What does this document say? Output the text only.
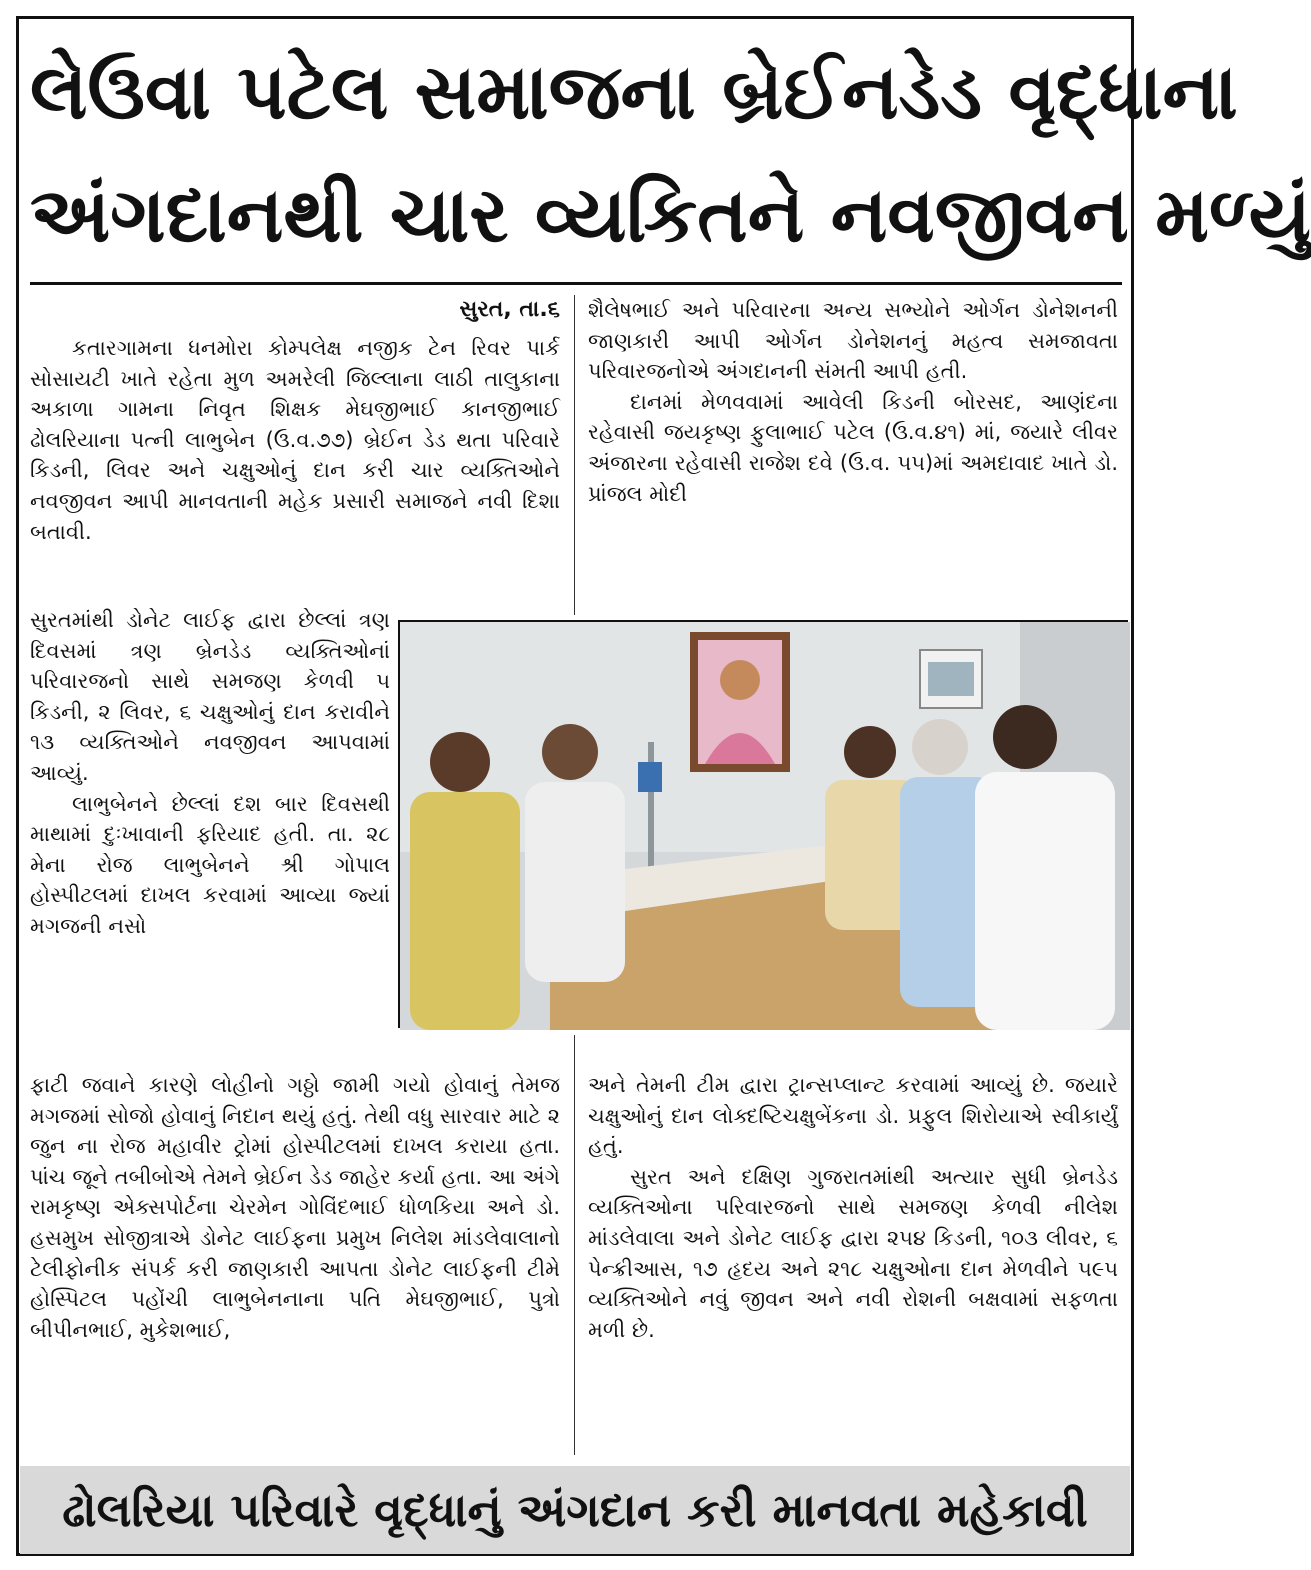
લેઉવા પટેલ સમાજના બ્રેઈનડેડ વૃદ્ધાના
અંગદાનથી ચાર વ્યકિતને નવજીવન મળ્યું
સુરત, તા.૬

કતારગામના ધનમોરા કોમ્પલેક્ષ નજીક ટેન રિવર પાર્ક સોસાયટી ખાતે રહેતા મુળ અમરેલી જિલ્લાના લાઠી તાલુકાના અકાળા ગામના નિવૃત શિક્ષક મેઘજીભાઈ કાનજીભાઈ ઢોલરિયાના પત્ની લાભુબેન (ઉ.વ.૭૭) બ્રેઈન ડેડ થતા પરિવારે કિડની, લિવર અને ચક્ષુઓનું દાન કરી ચાર વ્યક્તિઓને નવજીવન આપી માનવતાની મહેક પ્રસારી સમાજને નવી દિશા બતાવી.

સુરતમાંથી ડોનેટ લાઈફ દ્વારા છેલ્લાં ત્રણ દિવસમાં ત્રણ બ્રેનડેડ વ્યક્તિઓનાં પરિવારજનો સાથે સમજણ કેળવી ૫ કિડની, ૨ લિવર, ૬ ચક્ષુઓનું દાન કરાવીને ૧૩ વ્યક્તિઓને નવજીવન આપવામાં આવ્યું.

લાભુબેનને છેલ્લાં દશ બાર દિવસથી માથામાં દુઃખાવાની ફરિયાદ હતી. તા. ૨૮ મેના રોજ લાભુબેનને શ્રી ગોપાલ હોસ્પીટલમાં દાખલ કરવામાં આવ્યા જ્યાં મગજની નસો

ફાટી જવાને કારણે લોહીનો ગઠ્ઠો જામી ગયો હોવાનું તેમજ મગજમાં સોજો હોવાનું નિદાન થયું હતું. તેથી વધુ સારવાર માટે ૨ જુન ના રોજ મહાવીર ટ્રોમાં હોસ્પીટલમાં દાખલ કરાયા હતા. પાંચ જૂને તબીબોએ તેમને બ્રેઈન ડેડ જાહેર કર્યા હતા. આ અંગે રામકૃષ્ણ એક્સપોર્ટના ચેરમેન ગોવિંદભાઈ ધોળકિયા અને ડો. હસમુખ સોજીત્રાએ ડોનેટ લાઈફના પ્રમુખ નિલેશ માંડલેવાલાનો ટેલીફોનીક સંપર્ક કરી જાણકારી આપતા ડોનેટ લાઈફની ટીમે હોસ્પિટલ પહોંચી લાભુબેનનાના પતિ મેઘજીભાઈ, પુત્રો બીપીનભાઈ, મુકેશભાઈ,

શૈલેષભાઈ અને પરિવારના અન્ય સભ્યોને ઓર્ગન ડોનેશનની જાણકારી આપી ઓર્ગન ડોનેશનનું મહત્વ સમજાવતા પરિવારજનોએ અંગદાનની સંમતી આપી હતી.

દાનમાં મેળવવામાં આવેલી કિડની બોરસદ, આણંદના રહેવાસી જયકૃષ્ણ ફુલાભાઈ પટેલ (ઉ.વ.૪૧) માં, જયારે લીવર અંજારના રહેવાસી રાજેશ દવે (ઉ.વ. ૫૫)માં અમદાવાદ ખાતે ડો. પ્રાંજલ મોદી

અને તેમની ટીમ દ્વારા ટ્રાન્સપ્લાન્ટ કરવામાં આવ્યું છે. જયારે ચક્ષુઓનું દાન લોક્દષ્ટિચક્ષુબેંકના ડો. પ્રફુલ શિરોયાએ સ્વીકાર્યું હતું.

સુરત અને દક્ષિણ ગુજરાતમાંથી અત્યાર સુધી બ્રેનડેડ વ્યક્તિઓના પરિવારજનો સાથે સમજણ કેળવી નીલેશ માંડલેવાલા અને ડોનેટ લાઈફ દ્વારા ૨૫૪ કિડની, ૧૦૩ લીવર, ૬ પેન્ક્રીઆસ, ૧૭ હૃદય અને ૨૧૮ ચક્ષુઓના દાન મેળવીને ૫૯૫ વ્યક્તિઓને નવું જીવન અને નવી રોશની બક્ષવામાં સફળતા મળી છે.

ઢોલરિયા પરિવારે વૃદ્ધાનું અંગદાન કરી માનવતા મહેકાવી
